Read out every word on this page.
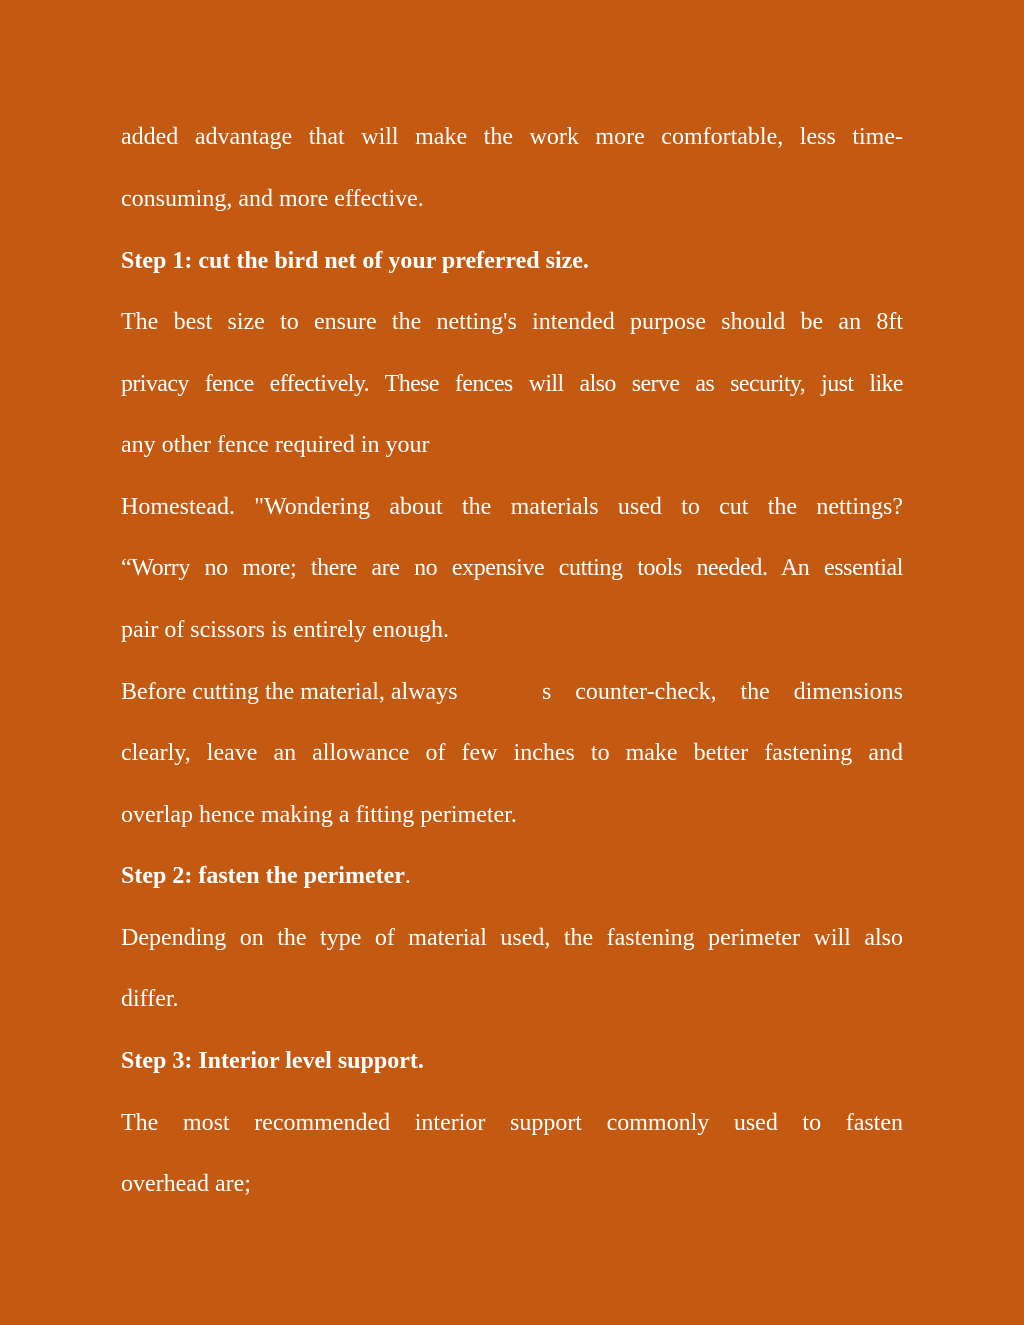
added advantage that will make the work more comfortable, less time-
consuming, and more effective.
Step 1: cut the bird net of your preferred size.
The best size to ensure the netting's intended purpose should be an 8ft
privacy fence effectively. These fences will also serve as security, just like
any other fence required in your
Homestead. "Wondering about the materials used to cut the nettings?
“Worry no more; there are no expensive cutting tools needed. An essential
pair of scissors is entirely enough.
Before cutting the material, always	s counter-check, the dimensions
clearly, leave an allowance of few inches to make better fastening and
overlap hence making a fitting perimeter.
Step 2: fasten the perimeter.
Depending on the type of material used, the fastening perimeter will also
differ.
Step 3: Interior level support.
The most recommended interior support commonly used to fasten
overhead are;
